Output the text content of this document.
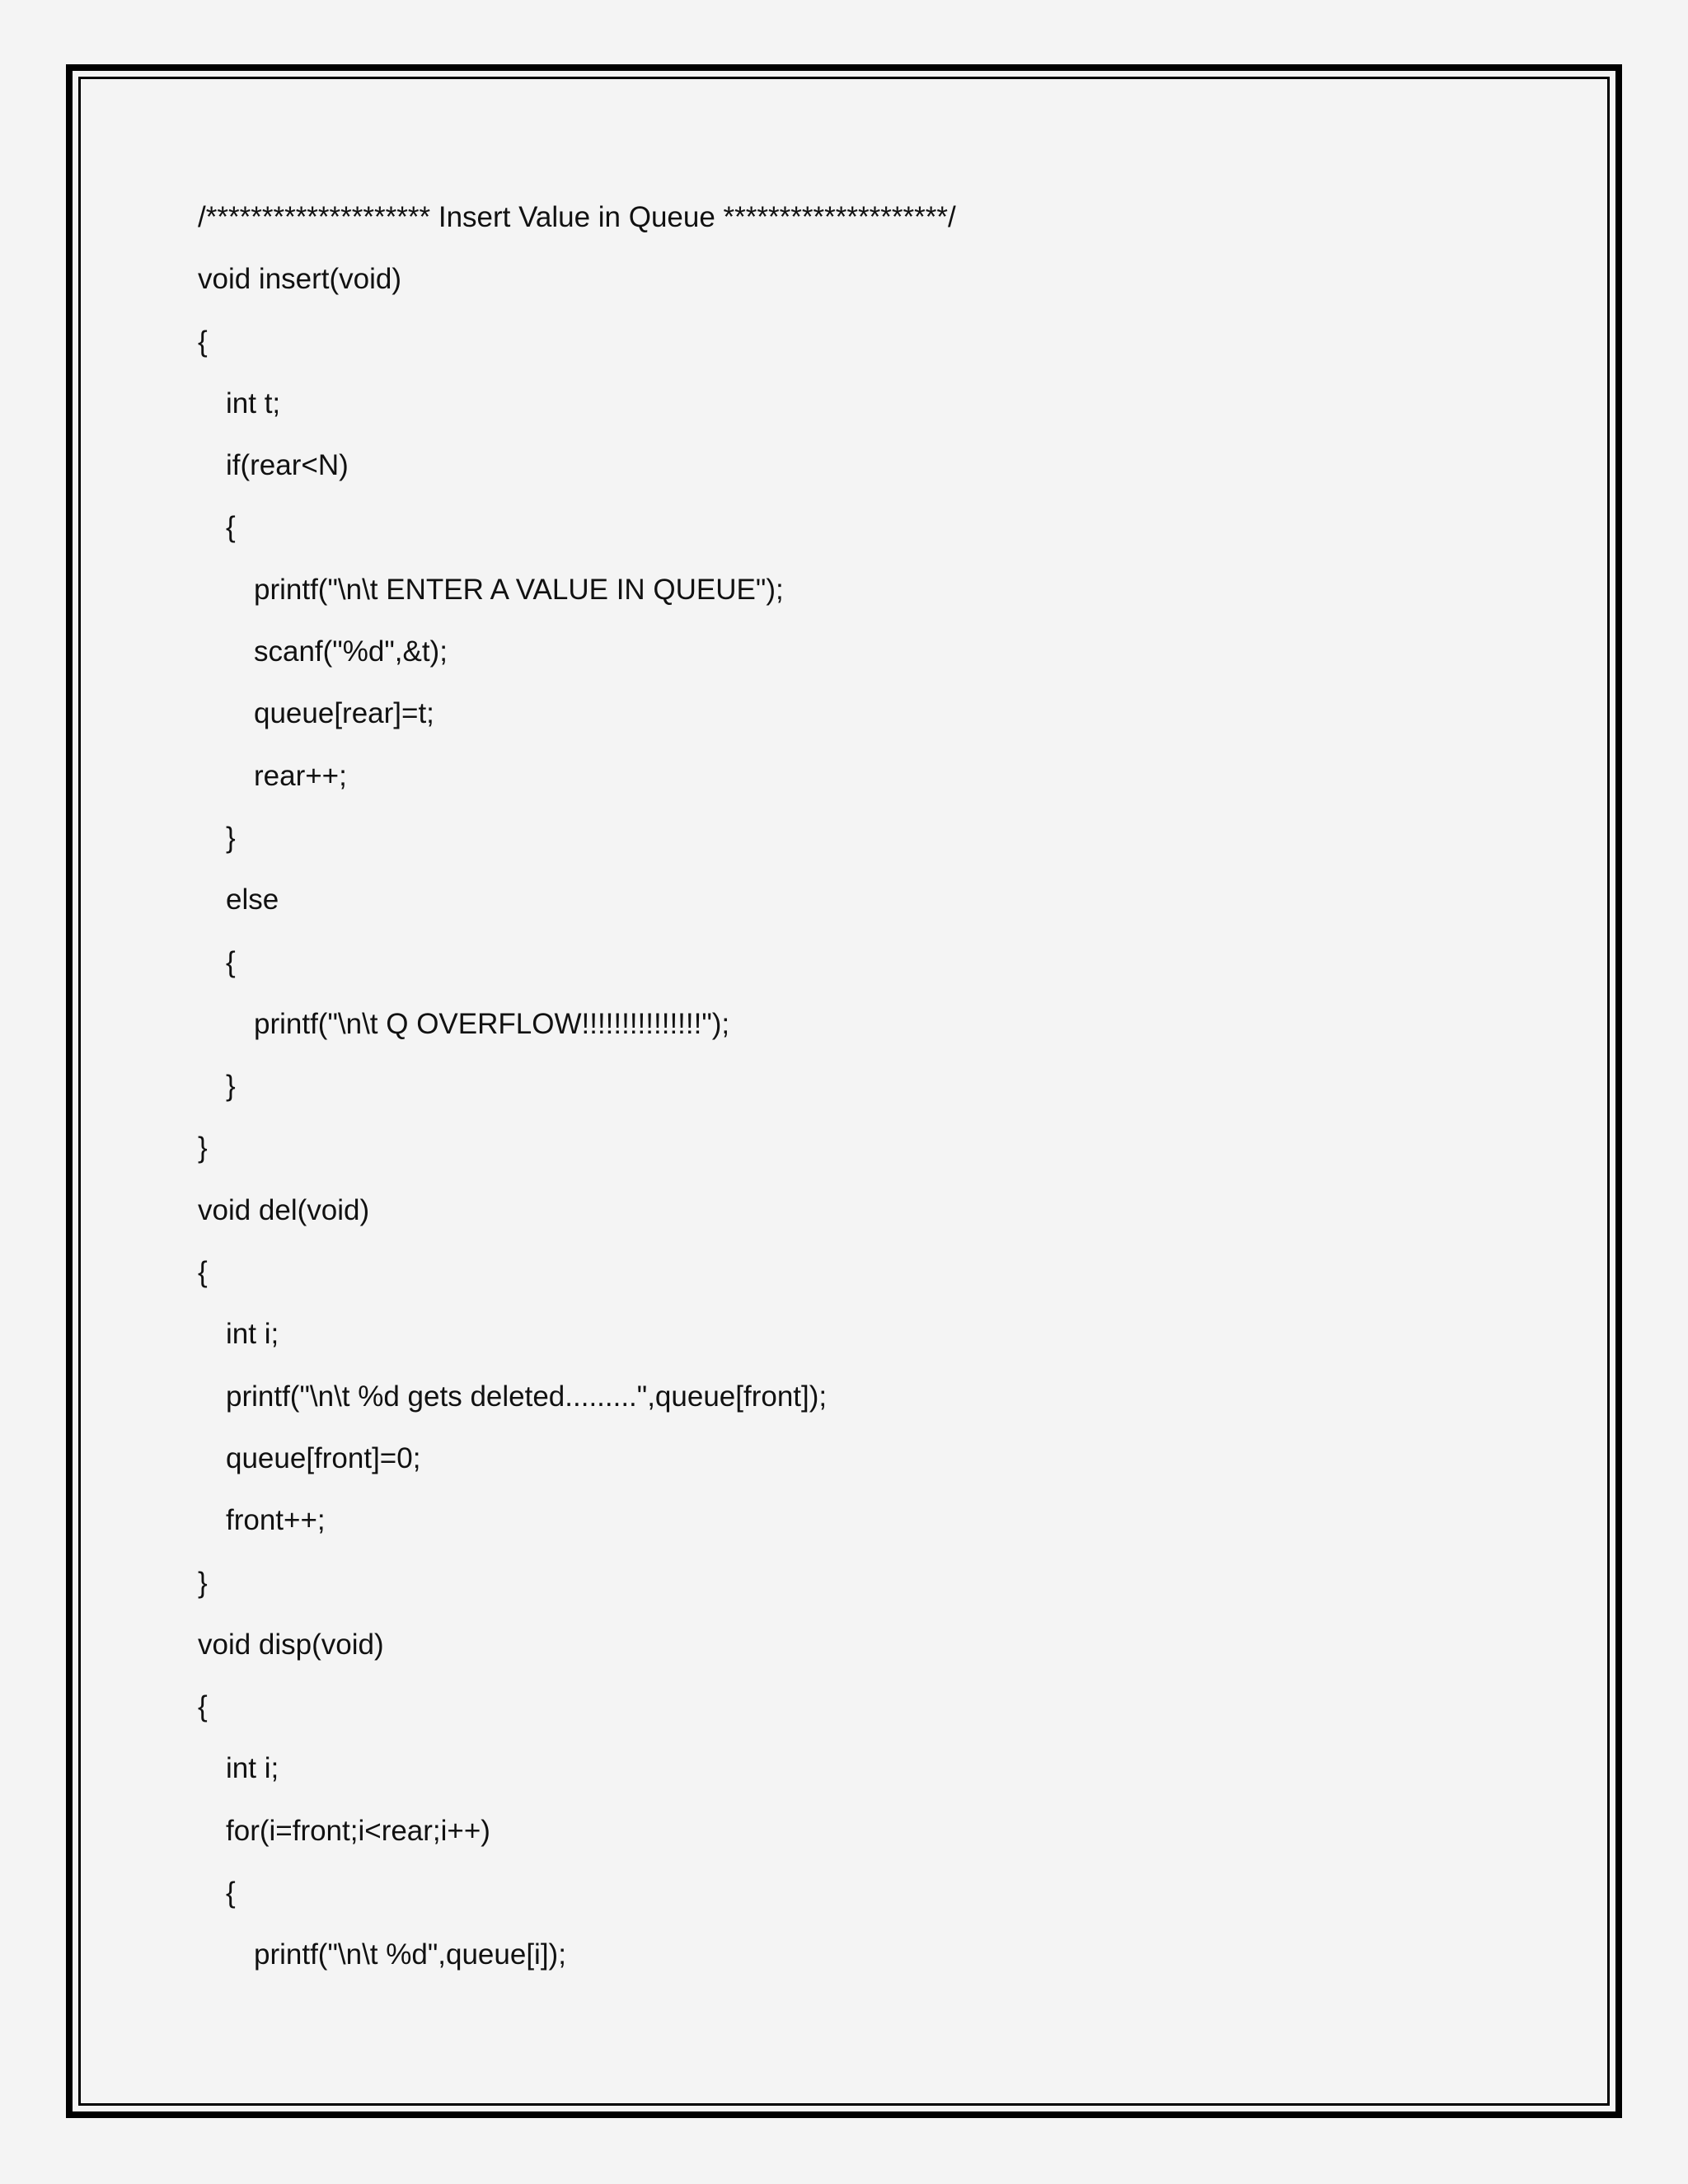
/******************** Insert Value in Queue ********************/
void insert(void)
{
int t;
if(rear<N)
{
printf("\n\t ENTER A VALUE IN QUEUE");
scanf("%d",&t);
queue[rear]=t;
rear++;
}
else
{
printf("\n\t Q OVERFLOW!!!!!!!!!!!!!!!");
}
}
void del(void)
{
int i;
printf("\n\t %d gets deleted.........",queue[front]);
queue[front]=0;
front++;
}
void disp(void)
{
int i;
for(i=front;i<rear;i++)
{
printf("\n\t %d",queue[i]);
